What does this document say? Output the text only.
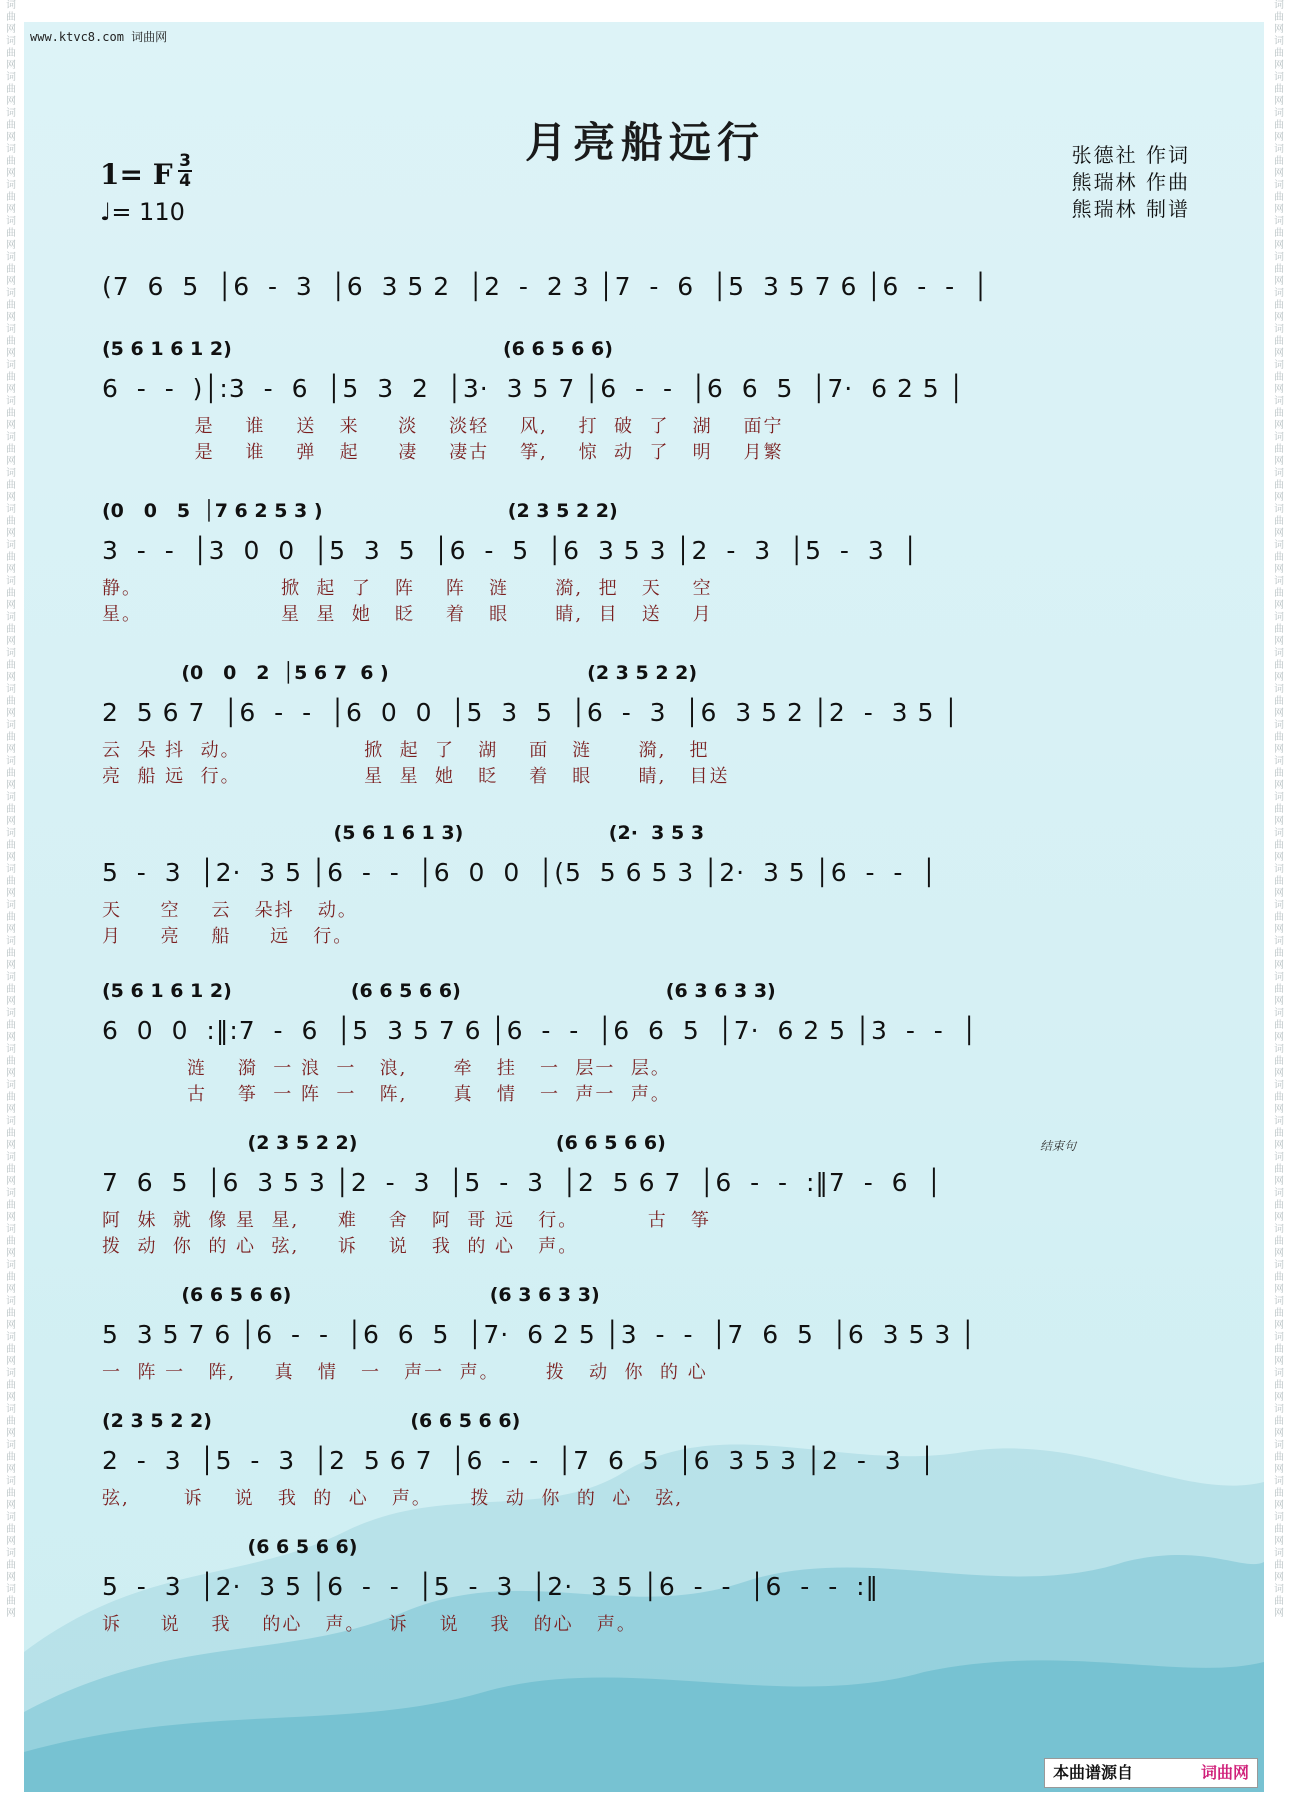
词曲网 词曲网 词曲网 词曲网 词曲网 词曲网 词曲网 词曲网 词曲网 词曲网 词曲网 词曲网 词曲网 词曲网 词曲网 词曲网 词曲网 词曲网 词曲网 词曲网 词曲网 词曲网 词曲网 词曲网 词曲网 词曲网 词曲网 词曲网 词曲网 词曲网 词曲网 词曲网 词曲网 词曲网 词曲网 词曲网 词曲网 词曲网 词曲网 词曲网 词曲网 词曲网 词曲网 词曲网 词曲网
词曲网 词曲网 词曲网 词曲网 词曲网 词曲网 词曲网 词曲网 词曲网 词曲网 词曲网 词曲网 词曲网 词曲网 词曲网 词曲网 词曲网 词曲网 词曲网 词曲网 词曲网 词曲网 词曲网 词曲网 词曲网 词曲网 词曲网 词曲网 词曲网 词曲网 词曲网 词曲网 词曲网 词曲网 词曲网 词曲网 词曲网 词曲网 词曲网 词曲网 词曲网 词曲网 词曲网 词曲网 词曲网
www.ktvc8.com 词曲网
月亮船远行
1= F 3
4
♩= 110
张德社 作词
熊瑞林 作曲
熊瑞林 制谱
结束句
(7  6  5  │6  -  3  │6  3 5 2  │2  -  2 3 │7  -  6  │5  3 5 7 6 │6  -  -  │
(5 6 1 6 1 2)                                         (6 6 5 6 6)
6  -  -  )│:3  -  6  │5  3  2  │3·  3 5 7 │6  -  -  │6  6  5  │7·  6 2 5 │
是    谁    送   来     淡    淡轻    风,    打  破  了   湖    面宁
是    谁    弹   起     凄    凄古    筝,    惊  动  了   明    月繁
(0   0   5  │7 6 2 5 3 )                            (2 3 5 2 2)
3  -  -  │3  0  0  │5  3  5  │6  -  5  │6  3 5 3 │2  -  3  │5  -  3  │
静。                  掀  起  了   阵    阵   涟      漪,  把   天    空
星。                  星  星  她   眨    着   眼      睛,  目   送    月
(0   0   2  │5 6 7  6 )                              (2 3 5 2 2)
2  5 6 7  │6  -  -  │6  0  0  │5  3  5  │6  -  3  │6  3 5 2 │2  -  3 5 │
云  朵 抖  动。                掀  起  了   湖    面   涟      漪,   把
亮  船 远  行。                星  星  她   眨    着   眼      睛,   目送
(5 6 1 6 1 3)                      (2·  3 5 3
5  -  3  │2·  3 5 │6  -  -  │6  0  0  │(5  5 6 5 3 │2·  3 5 │6  -  -  │
天     空    云   朵抖   动。
月     亮    船     远   行。
(5 6 1 6 1 2)                  (6 6 5 6 6)                               (6 3 6 3 3)
6  0  0  :‖:7  -  6  │5  3 5 7 6 │6  -  -  │6  6  5  │7·  6 2 5 │3  -  -  │
涟    漪  一 浪  一   浪,      牵   挂   一  层一  层。
古    筝  一 阵  一   阵,      真   情   一  声一  声。
(2 3 5 2 2)                              (6 6 5 6 6)
7  6  5  │6  3 5 3 │2  -  3  │5  -  3  │2  5 6 7  │6  -  -  :‖7  -  6  │
阿  妹  就  像 星  星,     难    舍   阿  哥 远   行。         古   筝
拨  动  你  的 心  弦,     诉    说   我  的 心   声。
(6 6 5 6 6)                              (6 3 6 3 3)
5  3 5 7 6 │6  -  -  │6  6  5  │7·  6 2 5 │3  -  -  │7  6  5  │6  3 5 3 │
一  阵 一   阵,     真   情   一   声一  声。      拨   动  你  的 心
(2 3 5 2 2)                              (6 6 5 6 6)
2  -  3  │5  -  3  │2  5 6 7  │6  -  -  │7  6  5  │6  3 5 3 │2  -  3  │
弦,       诉    说   我  的  心   声。     拨  动  你  的  心   弦,
(6 6 5 6 6)
5  -  3  │2·  3 5 │6  -  -  │5  -  3  │2·  3 5 │6  -  -  │6  -  -  :‖
诉     说    我    的心   声。   诉    说    我   的心   声。
本曲谱源自	词曲网
